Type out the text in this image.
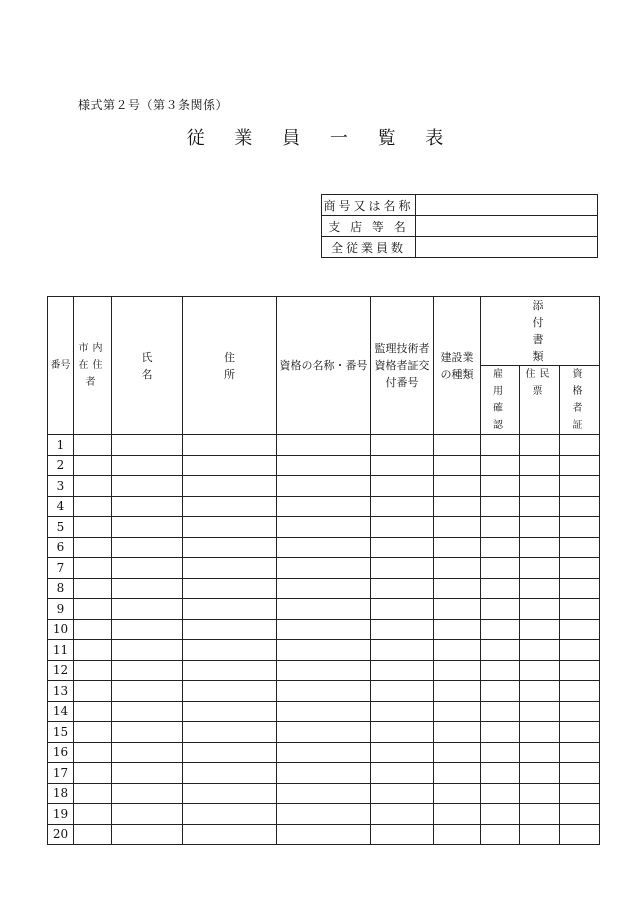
様式第２号（第３条関係）
従 業 員 一 覧 表
商号又は名称	
支 店 等 名	
全従業員数	
番号	市内在住者	氏 名	住 所	資格の名称・番号	監理技術者資格者証交付番号	建設業の種類	添 付 書 類		
							雇用確認	住民票	資格者証
1									
2									
3									
4									
5									
6									
7									
8									
9									
10									
11									
12									
13									
14									
15									
16									
17									
18									
19									
20									
